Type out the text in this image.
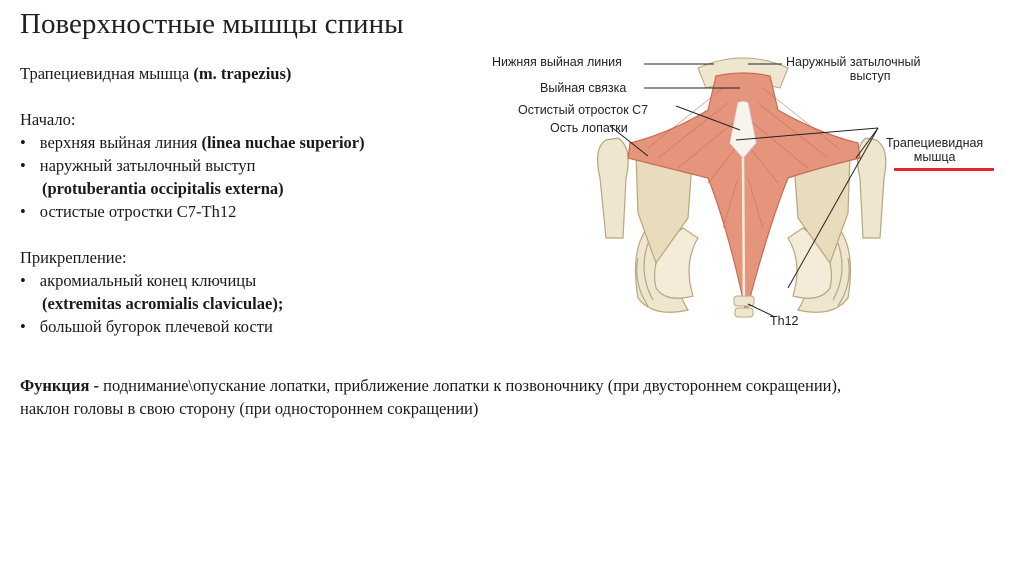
Поверхностные мышцы спины
Трапециевидная мышца (m. trapezius)
Начало:
• верхняя выйная линия (linea nuchae superior)
• наружный затылочный выступ
(protuberantia occipitalis externa)
• остистые отростки C7-Th12
Прикрепление:
• акромиальный конец ключицы
(extremitas acromialis claviculae);
• большой бугорок плечевой кости
Функция - поднимание\опускание лопатки, приближение лопатки к позвоночнику (при двустороннем сокращении),
наклон головы в свою сторону (при одностороннем сокращении)
Нижняя выйная линия
Выйная связка
Остистый отросток C7
Ость лопатки
Наружный затылочный
выступ
Трапециевидная
мышца
Th12
